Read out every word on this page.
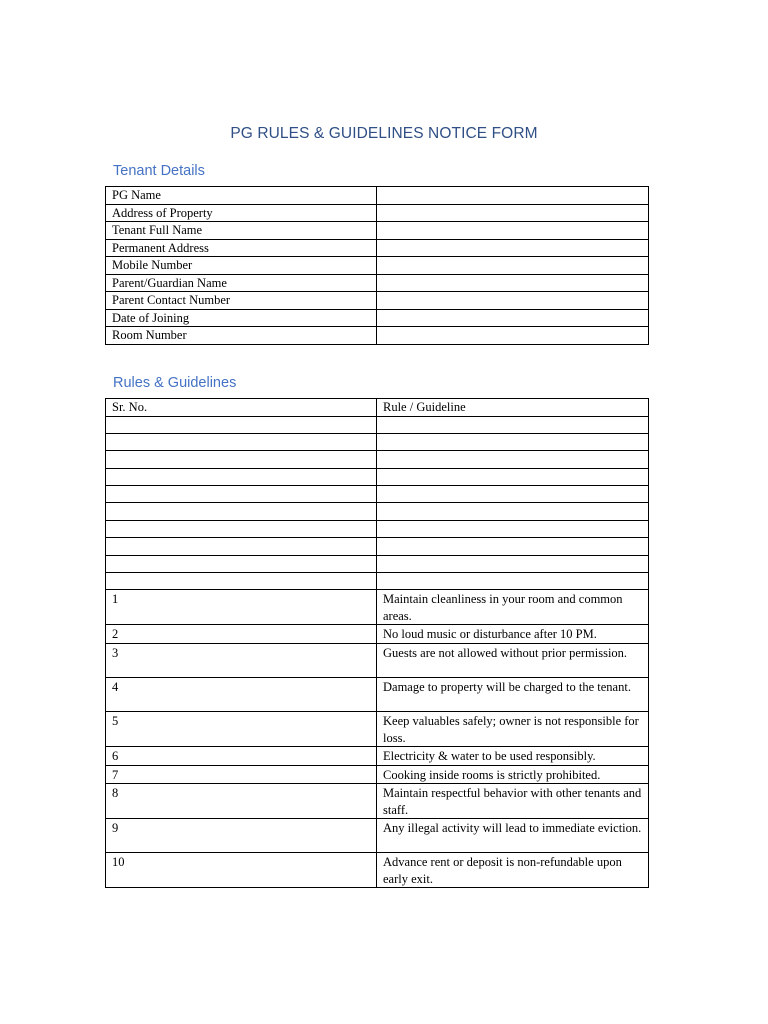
PG RULES & GUIDELINES NOTICE FORM
Tenant Details
PG Name	
Address of Property	
Tenant Full Name	
Permanent Address	
Mobile Number	
Parent/Guardian Name	
Parent Contact Number	
Date of Joining	
Room Number	
Rules & Guidelines
Sr. No.	Rule / Guideline

1	Maintain cleanliness in your room and common areas.
2	No loud music or disturbance after 10 PM.
3	Guests are not allowed without prior permission.
4	Damage to property will be charged to the tenant.
5	Keep valuables safely; owner is not responsible for loss.
6	Electricity & water to be used responsibly.
7	Cooking inside rooms is strictly prohibited.
8	Maintain respectful behavior with other tenants and staff.
9	Any illegal activity will lead to immediate eviction.
10	Advance rent or deposit is non-refundable upon early exit.
